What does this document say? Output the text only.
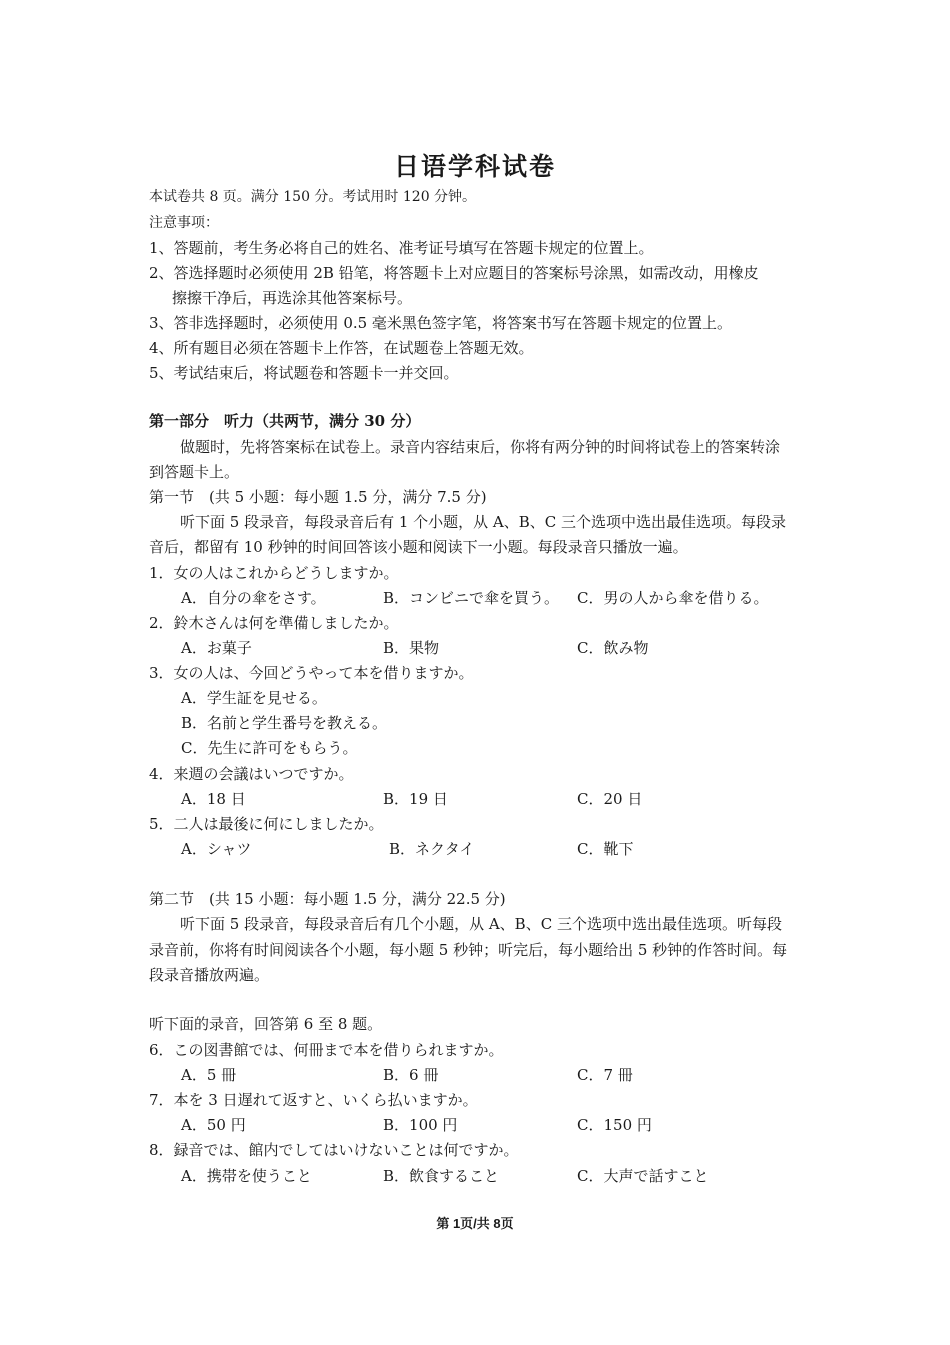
日语学科试卷
本试卷共 8 页。满分 150 分。考试用时 120 分钟。
注意事项：
1、答题前，考生务必将自己的姓名、准考证号填写在答题卡规定的位置上。
2、答选择题时必须使用 2B 铅笔，将答题卡上对应题目的答案标号涂黑，如需改动，用橡皮
擦擦干净后，再选涂其他答案标号。
3、答非选择题时，必须使用 0.5 毫米黑色签字笔，将答案书写在答题卡规定的位置上。
4、所有题目必须在答题卡上作答，在试题卷上答题无效。
5、考试结束后，将试题卷和答题卡一并交回。
第一部分　听力（共两节，满分 30 分）
做题时，先将答案标在试卷上。录音内容结束后，你将有两分钟的时间将试卷上的答案转涂
到答题卡上。
第一节　(共 5 小题：每小题 1.5 分，满分 7.5 分)
听下面 5 段录音，每段录音后有 1 个小题，从 A、B、C 三个选项中选出最佳选项。每段录
音后，都留有 10 秒钟的时间回答该小题和阅读下一小题。每段录音只播放一遍。
1．女の人はこれからどうしますか。
A．自分の傘をさす。	B．コンビニで傘を買う。 C．男の人から傘を借りる。
2．鈴木さんは何を準備しましたか。
A．お菓子	B．果物	C．飲み物
3．女の人は、今回どうやって本を借りますか。
A．学生証を見せる。
B．名前と学生番号を教える。
C．先生に許可をもらう。
4．来週の会議はいつですか。
A．18 日	B．19 日	C．20 日
5．二人は最後に何にしましたか。
A．シャツ	B．ネクタイ	C．靴下
第二节　(共 15 小题：每小题 1.5 分，满分 22.5 分)
听下面 5 段录音，每段录音后有几个小题，从 A、B、C 三个选项中选出最佳选项。听每段
录音前，你将有时间阅读各个小题，每小题 5 秒钟；听完后，每小题给出 5 秒钟的作答时间。每
段录音播放两遍。
听下面的录音，回答第 6 至 8 题。
6．この図書館では、何冊まで本を借りられますか。
A．5 冊	B．6 冊	C．7 冊
7．本を 3 日遅れて返すと、いくら払いますか。
A．50 円	B．100 円	C．150 円
8．録音では、館内でしてはいけないことは何ですか。
A．携帯を使うこと	B．飲食すること	C．大声で話すこと
第 1页/共 8页
